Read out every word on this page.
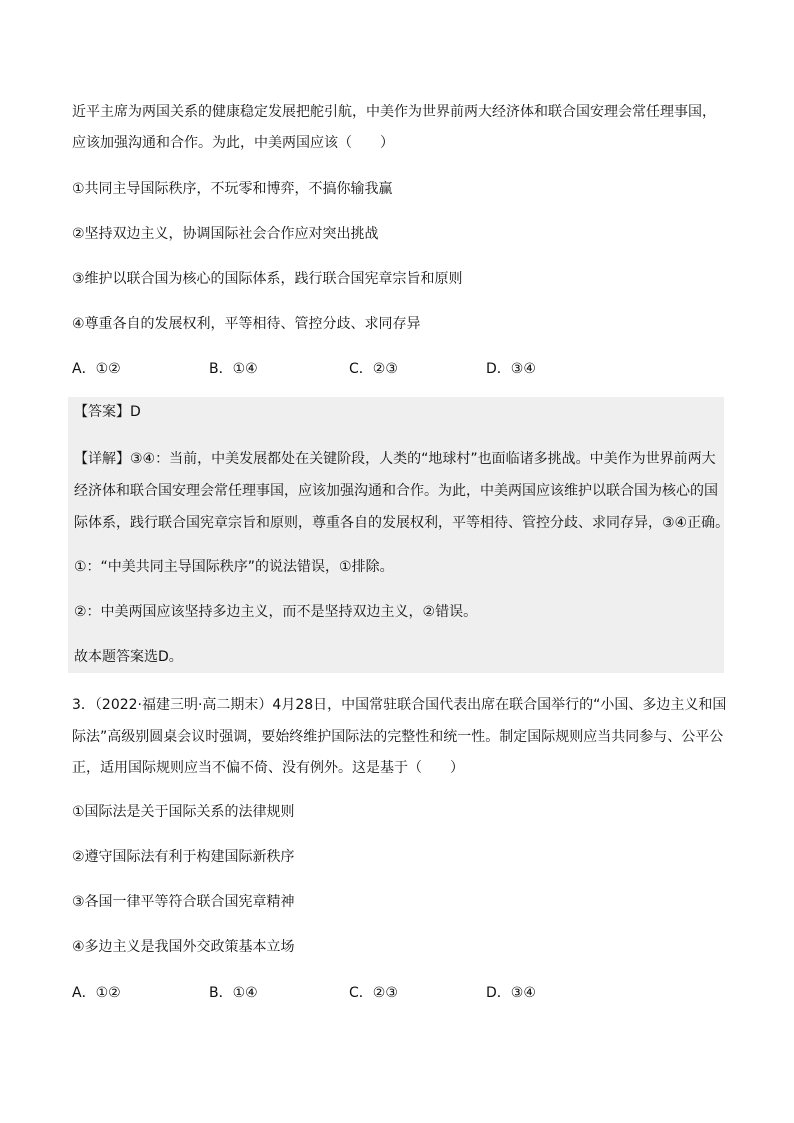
近平主席为两国关系的健康稳定发展把舵引航，中美作为世界前两大经济体和联合国安理会常任理事国，
应该加强沟通和合作。为此，中美两国应该（　　）
①共同主导国际秩序，不玩零和博弈，不搞你输我赢
②坚持双边主义，协调国际社会合作应对突出挑战
③维护以联合国为核心的国际体系，践行联合国宪章宗旨和原则
④尊重各自的发展权利，平等相待、管控分歧、求同存异
A．①②	B．①④	C．②③	D．③④
【答案】D
【详解】③④：当前，中美发展都处在关键阶段，人类的“地球村”也面临诸多挑战。中美作为世界前两大
经济体和联合国安理会常任理事国，应该加强沟通和合作。为此，中美两国应该维护以联合国为核心的国
际体系，践行联合国宪章宗旨和原则，尊重各自的发展权利，平等相待、管控分歧、求同存异，③④正确。
①：“中美共同主导国际秩序”的说法错误，①排除。
②：中美两国应该坚持多边主义，而不是坚持双边主义，②错误。
故本题答案选D。
3．（2022·福建三明·高二期末）4月28日，中国常驻联合国代表出席在联合国举行的“小国、多边主义和国
际法”高级别圆桌会议时强调，要始终维护国际法的完整性和统一性。制定国际规则应当共同参与、公平公
正，适用国际规则应当不偏不倚、没有例外。这是基于（　　）
①国际法是关于国际关系的法律规则
②遵守国际法有利于构建国际新秩序
③各国一律平等符合联合国宪章精神
④多边主义是我国外交政策基本立场
A．①②	B．①④	C．②③	D．③④
